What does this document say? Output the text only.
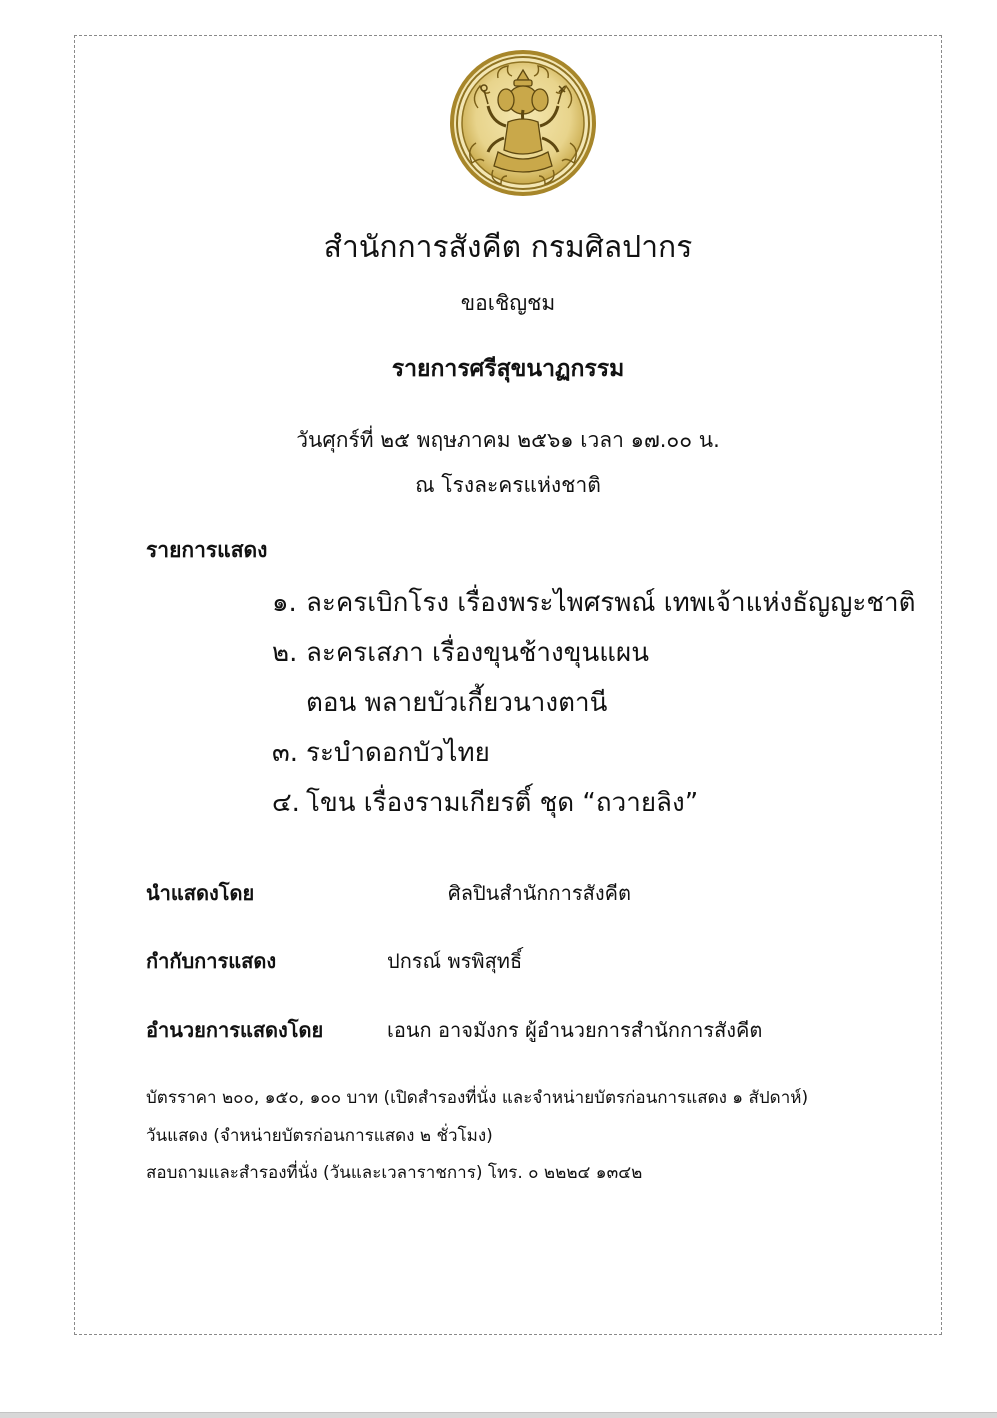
สำนักการสังคีต กรมศิลปากร
ขอเชิญชม
รายการศรีสุขนาฏกรรม
วันศุกร์ที่ ๒๕ พฤษภาคม ๒๕๖๑ เวลา ๑๗.๐๐ น.
ณ โรงละครแห่งชาติ
รายการแสดง
๑. ละครเบิกโรง เรื่องพระไพศรพณ์ เทพเจ้าแห่งธัญญะชาติ
๒. ละครเสภา เรื่องขุนช้างขุนแผน
ตอน พลายบัวเกี้ยวนางตานี
๓. ระบำดอกบัวไทย
๔. โขน เรื่องรามเกียรติ์ ชุด “ถวายลิง”
นำแสดงโดย	ศิลปินสำนักการสังคีต
กำกับการแสดง	ปกรณ์ พรพิสุทธิ์
อำนวยการแสดงโดย	เอนก อาจมังกร ผู้อำนวยการสำนักการสังคีต
บัตรราคา ๒๐๐, ๑๕๐, ๑๐๐ บาท (เปิดสำรองที่นั่ง และจำหน่ายบัตรก่อนการแสดง ๑ สัปดาห์)
วันแสดง (จำหน่ายบัตรก่อนการแสดง ๒ ชั่วโมง)
สอบถามและสำรองที่นั่ง (วันและเวลาราชการ) โทร. ๐ ๒๒๒๔ ๑๓๔๒
